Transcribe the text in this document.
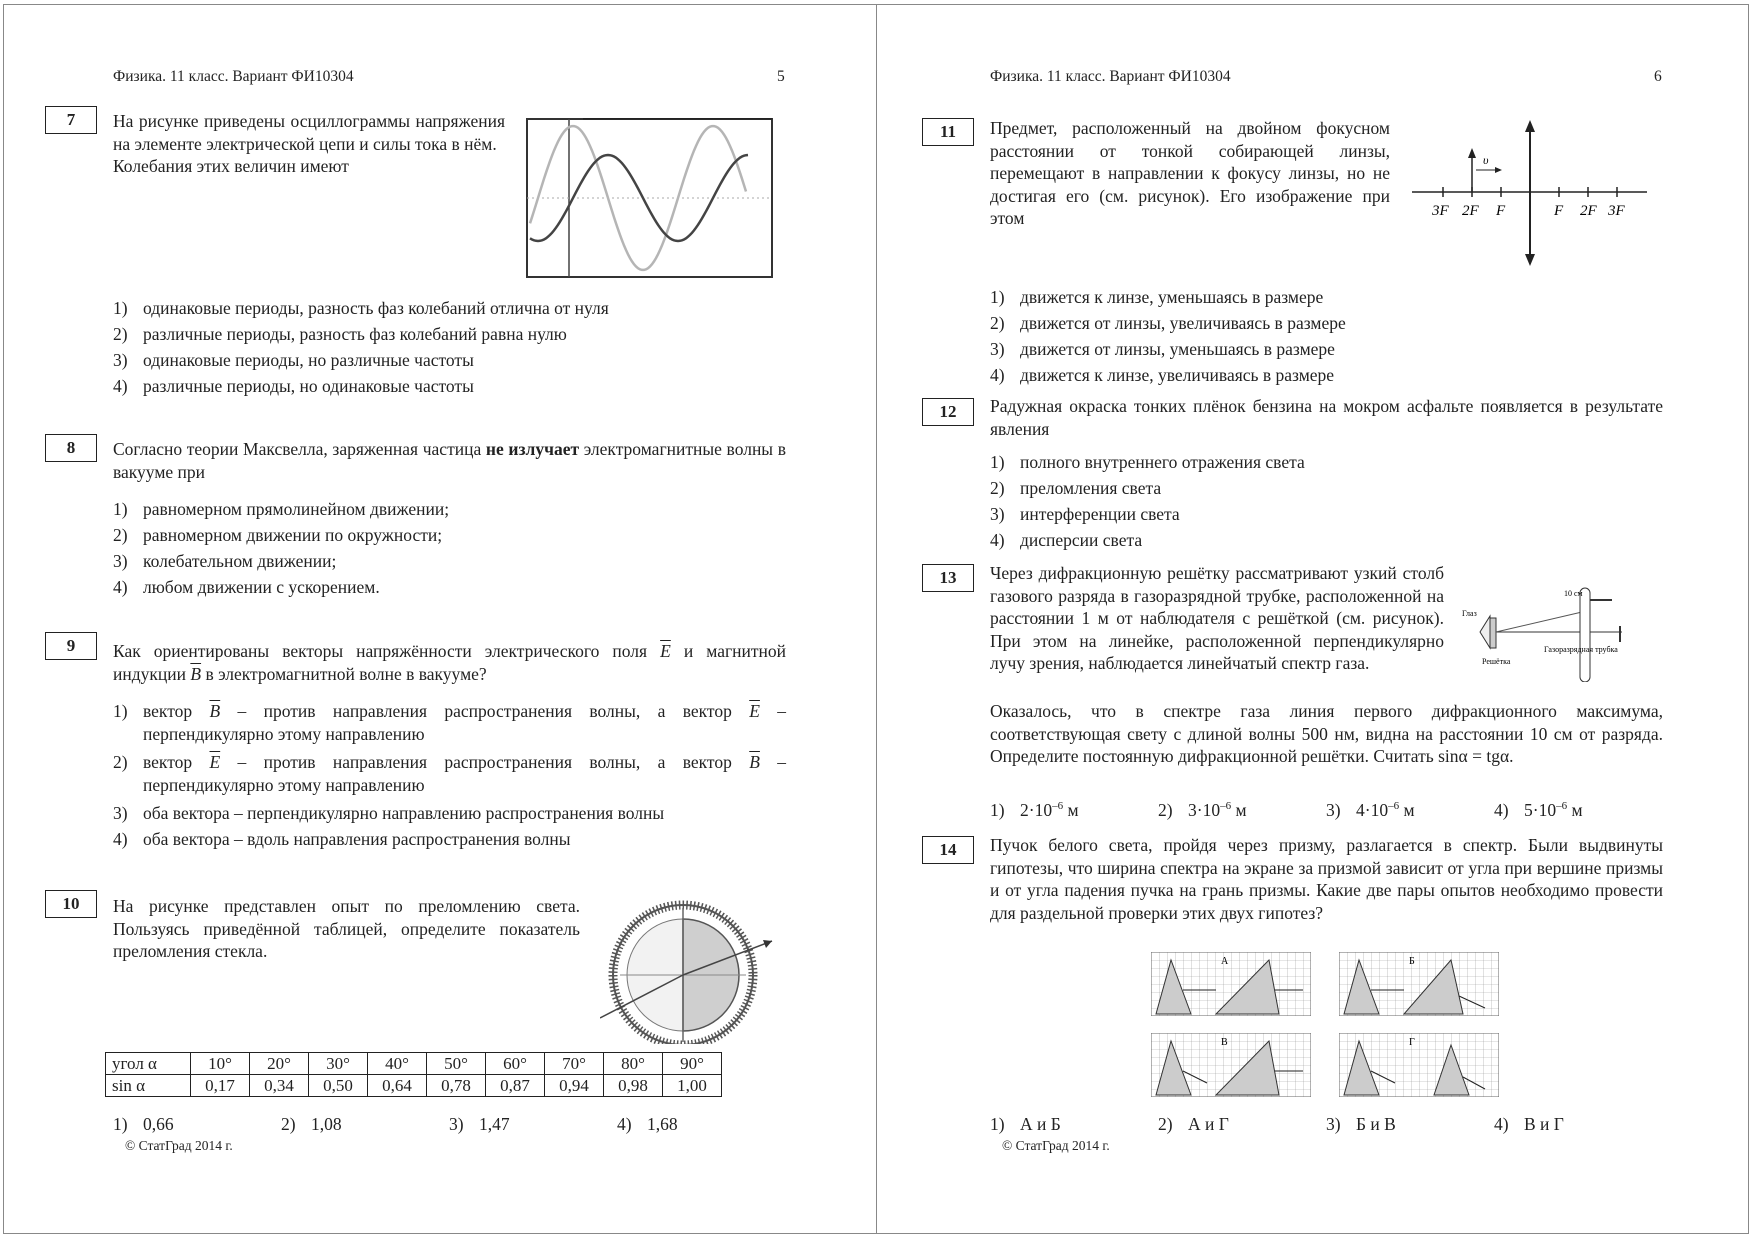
Физика. 11 класс. Вариант ФИ10304	5
7	На рисунке приведены осциллограммы напряжения на элементе электрической цепи и силы тока в нём.
Колебания этих величин имеют
1) одинаковые периоды, разность фаз колебаний отлична от нуля
2) различные периоды, разность фаз колебаний равна нулю
3) одинаковые периоды, но различные частоты
4) различные периоды, но одинаковые частоты
8	Согласно теории Максвелла, заряженная частица не излучает электромагнитные волны в вакууме при
1) равномерном прямолинейном движении;
2) равномерном движении по окружности;
3) колебательном движении;
4) любом движении с ускорением.
9	Как ориентированы векторы напряжённости электрического поля $\overline{E}$ и магнитной индукции $\overline{B}$ в электромагнитной волне в вакууме?
1) вектор $\overline{B}$ – против направления распространения волны, а вектор $\overline{E}$ – перпендикулярно этому направлению
2) вектор $\overline{E}$ – против направления распространения волны, а вектор $\overline{B}$ – перпендикулярно этому направлению
3) оба вектора – перпендикулярно направлению распространения волны
4) оба вектора – вдоль направления распространения волны
10	На рисунке представлен опыт по преломлению света. Пользуясь приведённой таблицей, определите показатель преломления стекла.
угол α	10°	20°	30°	40°	50°	60°	70°	80°	90°
sin α	0,17	0,34	0,50	0,64	0,78	0,87	0,94	0,98	1,00
1) 0,66	2) 1,08	3) 1,47	4) 1,68
© СтатГрад 2014 г.
Физика. 11 класс. Вариант ФИ10304	6
11	Предмет, расположенный на двойном фокусном расстоянии от тонкой собирающей линзы, перемещают в направлении к фокусу линзы, но не достигая его (см. рисунок). Его изображение при этом
υ
3F 2F F	F 2F 3F
1) движется к линзе, уменьшаясь в размере
2) движется от линзы, увеличиваясь в размере
3) движется от линзы, уменьшаясь в размере
4) движется к линзе, увеличиваясь в размере
12	Радужная окраска тонких плёнок бензина на мокром асфальте появляется в результате явления
1) полного внутреннего отражения света
2) преломления света
3) интерференции света
4) дисперсии света
13	Через дифракционную решётку рассматривают узкий столб газового разряда в газоразрядной трубке, расположенной на расстоянии 1 м от наблюдателя с решёткой (см. рисунок). При этом на линейке, расположенной перпендикулярно лучу зрения, наблюдается линейчатый спектр газа.
Глаз
Решётка
Газоразрядная трубка
10 см
Оказалось, что в спектре газа линия первого дифракционного максимума, соответствующая свету с длиной волны 500 нм, видна на расстоянии 10 см от разряда. Определите постоянную дифракционной решётки. Считать sinα = tgα.
1) $2\cdot 10^{-6}$ м	2) $3\cdot 10^{-6}$ м	3) $4\cdot 10^{-6}$ м	4) $5\cdot 10^{-6}$ м
14	Пучок белого света, пройдя через призму, разлагается в спектр. Были выдвинуты гипотезы, что ширина спектра на экране за призмой зависит от угла при вершине призмы и от угла падения пучка на грань призмы. Какие две пары опытов необходимо провести для раздельной проверки этих двух гипотез?
А	Б
В	Г
1) А и Б	2) А и Г	3) Б и В	4) В и Г
© СтатГрад 2014 г.
